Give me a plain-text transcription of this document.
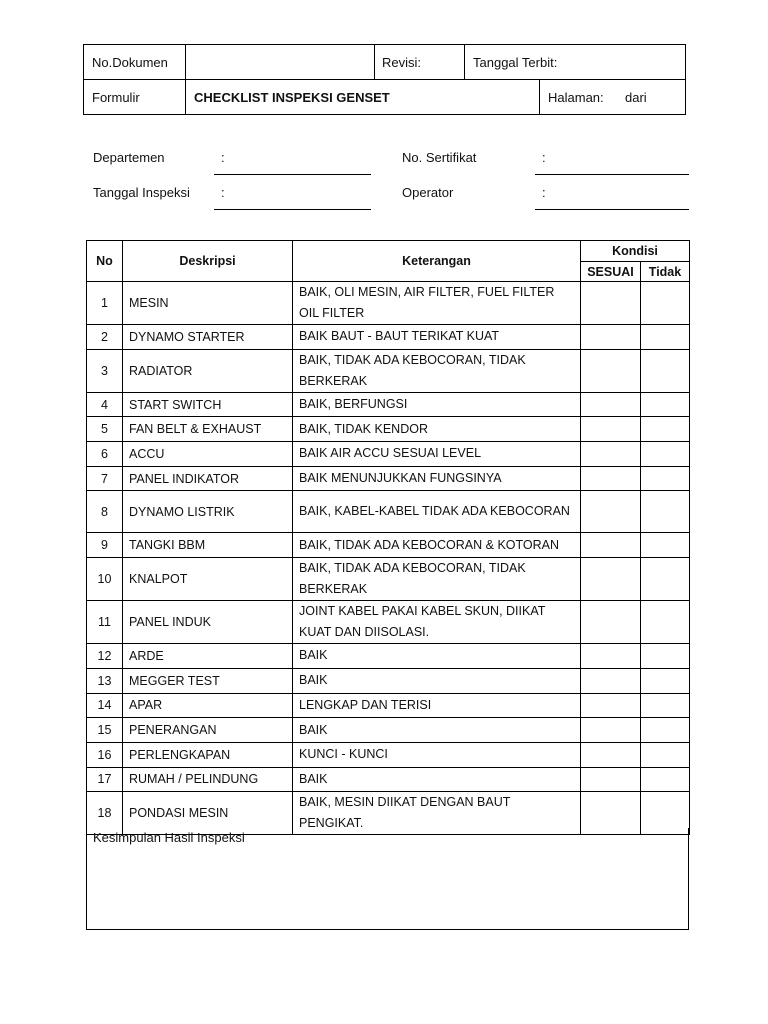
No.Dokumen	Revisi:	Tanggal Terbit:
Formulir	CHECKLIST INSPEKSI GENSET	Halaman:	dari
Departemen	:
Tanggal Inspeksi :
No. Sertifikat	:
Operator	:
No	Deskripsi	Keterangan	Kondisi	
			SESUAI	Tidak
1	MESIN	BAIK, OLI MESIN, AIR FILTER, FUEL FILTER OIL FILTER		
2	DYNAMO STARTER	BAIK BAUT - BAUT TERIKAT KUAT		
3	RADIATOR	BAIK, TIDAK ADA KEBOCORAN, TIDAK BERKERAK		
4	START SWITCH	BAIK, BERFUNGSI		
5	FAN BELT & EXHAUST	BAIK, TIDAK KENDOR		
6	ACCU	BAIK AIR ACCU SESUAI LEVEL		
7	PANEL INDIKATOR	BAIK MENUNJUKKAN FUNGSINYA		
8	DYNAMO LISTRIK	BAIK, KABEL-KABEL TIDAK ADA KEBOCORAN		
9	TANGKI BBM	BAIK, TIDAK ADA KEBOCORAN & KOTORAN		
10	KNALPOT	BAIK, TIDAK ADA KEBOCORAN, TIDAK BERKERAK		
11	PANEL INDUK	JOINT KABEL PAKAI KABEL SKUN, DIIKAT KUAT DAN DIISOLASI.		
12	ARDE	BAIK		
13	MEGGER TEST	BAIK		
14	APAR	LENGKAP DAN TERISI		
15	PENERANGAN	BAIK		
16	PERLENGKAPAN	KUNCI - KUNCI		
17	RUMAH / PELINDUNG	BAIK		
18	PONDASI MESIN	BAIK, MESIN DIIKAT DENGAN BAUT PENGIKAT.		
Kesimpulan Hasil Inspeksi
